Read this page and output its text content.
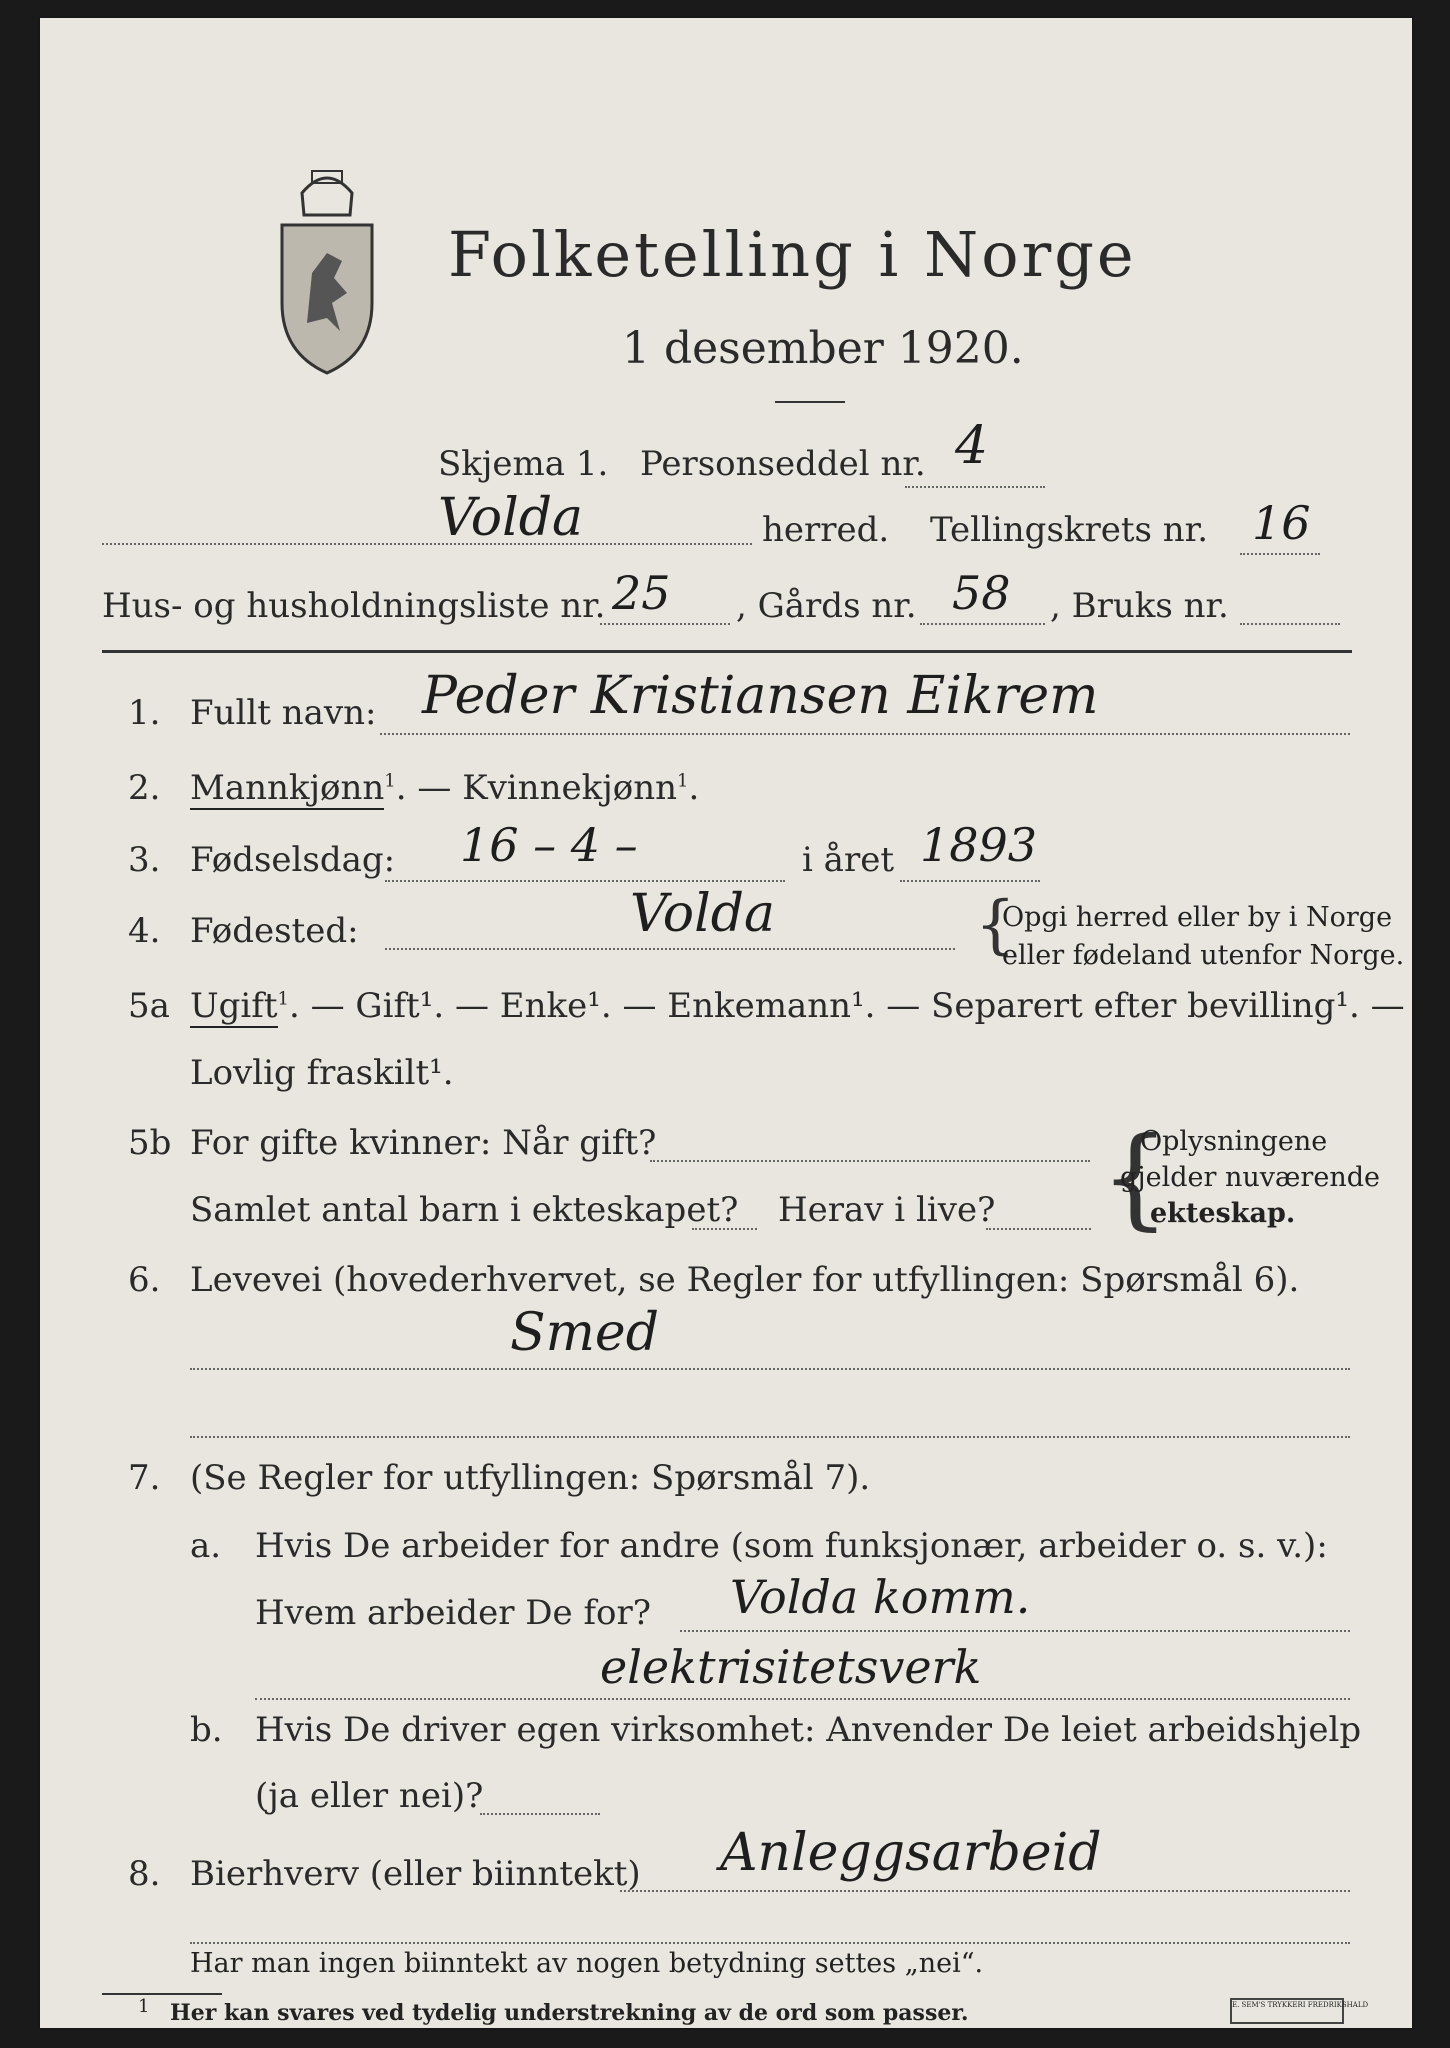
Folketelling i Norge
1 desember 1920.
Skjema 1. Personseddel nr. 4
Volda	herred. Tellingskrets nr. 16
Hus- og husholdningsliste nr. 25 , Gårds nr. 58 , Bruks nr.
1. Fullt navn: Peder Kristiansen Eikrem
2. Mannkjønn$^1$. — Kvinnekjønn$^1$.
3. Fødselsdag: 16 – 4 –	i året 1893
4. Fødested:	Volda	{
Opgi herred eller by i Norge
eller fødeland utenfor Norge.
5a Ugift$^1$. — Gift¹. — Enke¹. — Enkemann¹. — Separert efter bevilling¹. —
Lovlig fraskilt¹.
5b For gifte kvinner: Når gift?
Samlet antal barn i ekteskapet? Herav i live? {
Oplysningene
gjelder nuværende
ekteskap.
6. Levevei (hovederhvervet, se Regler for utfyllingen: Spørsmål 6).
Smed
7. (Se Regler for utfyllingen: Spørsmål 7).
a. Hvis De arbeider for andre (som funksjonær, arbeider o. s. v.):
Hvem arbeider De for? Volda komm.
elektrisitetsverk
b. Hvis De driver egen virksomhet: Anvender De leiet arbeidshjelp
(ja eller nei)?
8. Bierhverv (eller biinntekt) Anleggsarbeid
Har man ingen biinntekt av nogen betydning settes „nei“.
1 Her kan svares ved tydelig understrekning av de ord som passer.	E. SEM'S TRYKKERI FREDRIKSHALD
